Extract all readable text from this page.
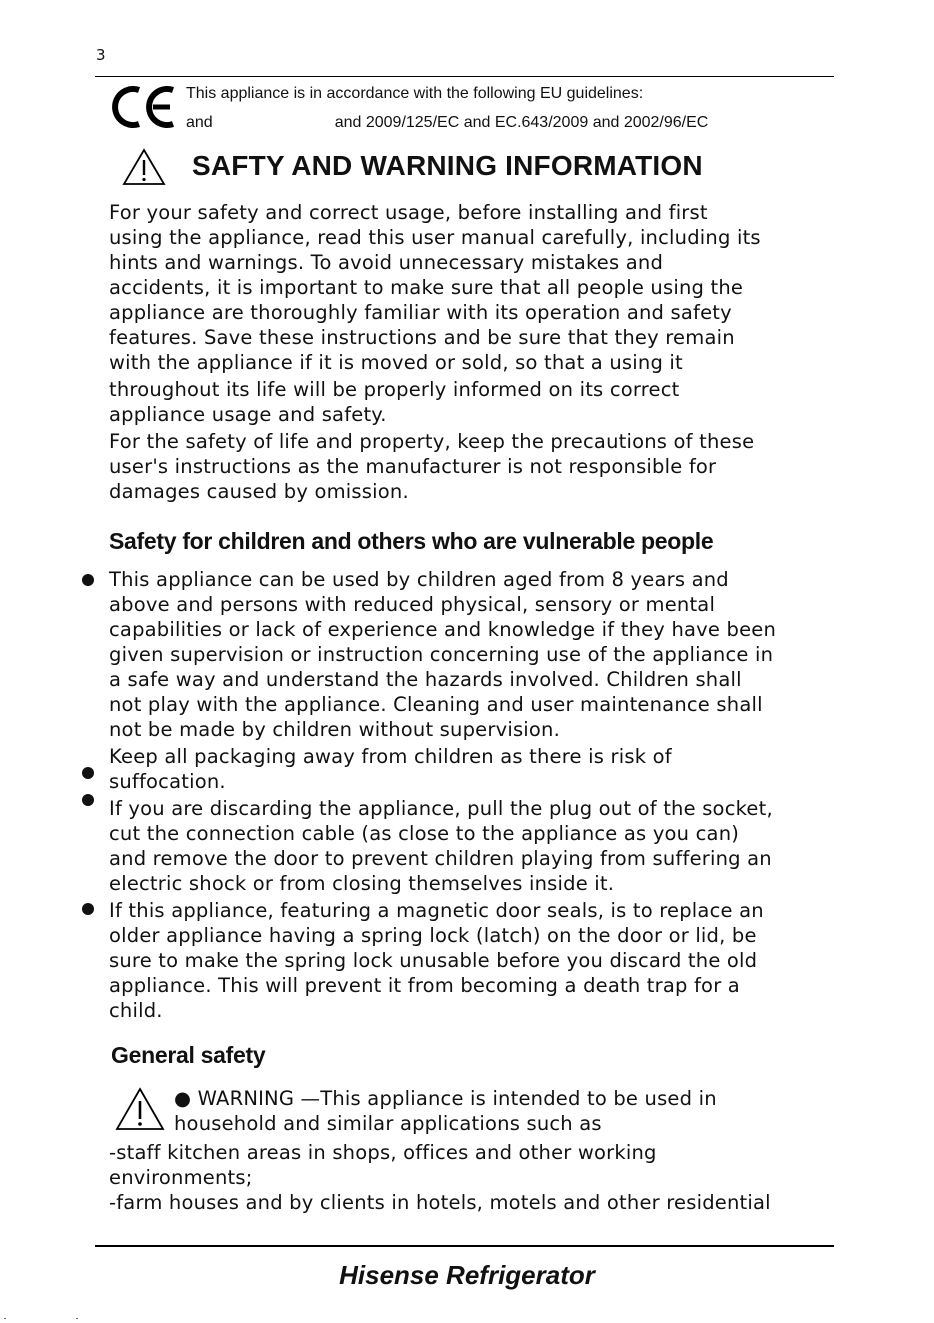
3
This appliance is in accordance with the following EU guidelines:
and	and 2009/125/EC and EC.643/2009 and 2002/96/EC
SAFTY AND WARNING INFORMATION
For your safety and correct usage, before installing and first
using the appliance, read this user manual carefully, including its
hints and warnings. To avoid unnecessary mistakes and
accidents, it is important to make sure that all people using the
appliance are thoroughly familiar with its operation and safety
features. Save these instructions and be sure that they remain
with the appliance if it is moved or sold, so that a using it
throughout its life will be properly informed on its correct
appliance usage and safety.
For the safety of life and property, keep the precautions of these
user's instructions as the manufacturer is not responsible for
damages caused by omission.
Safety for children and others who are vulnerable people
This appliance can be used by children aged from 8 years and
above and persons with reduced physical, sensory or mental
capabilities or lack of experience and knowledge if they have been
given supervision or instruction concerning use of the appliance in
a safe way and understand the hazards involved. Children shall
not play with the appliance. Cleaning and user maintenance shall
not be made by children without supervision.
Keep all packaging away from children as there is risk of
suffocation.
If you are discarding the appliance, pull the plug out of the socket,
cut the connection cable (as close to the appliance as you can)
and remove the door to prevent children playing from suffering an
electric shock or from closing themselves inside it.
If this appliance, featuring a magnetic door seals, is to replace an
older appliance having a spring lock (latch) on the door or lid, be
sure to make the spring lock unusable before you discard the old
appliance. This will prevent it from becoming a death trap for a
child.
General safety
● WARNING —This appliance is intended to be used in
household and similar applications such as
-staff kitchen areas in shops, offices and other working
environments;
-farm houses and by clients in hotels, motels and other residential
Hisense Refrigerator
